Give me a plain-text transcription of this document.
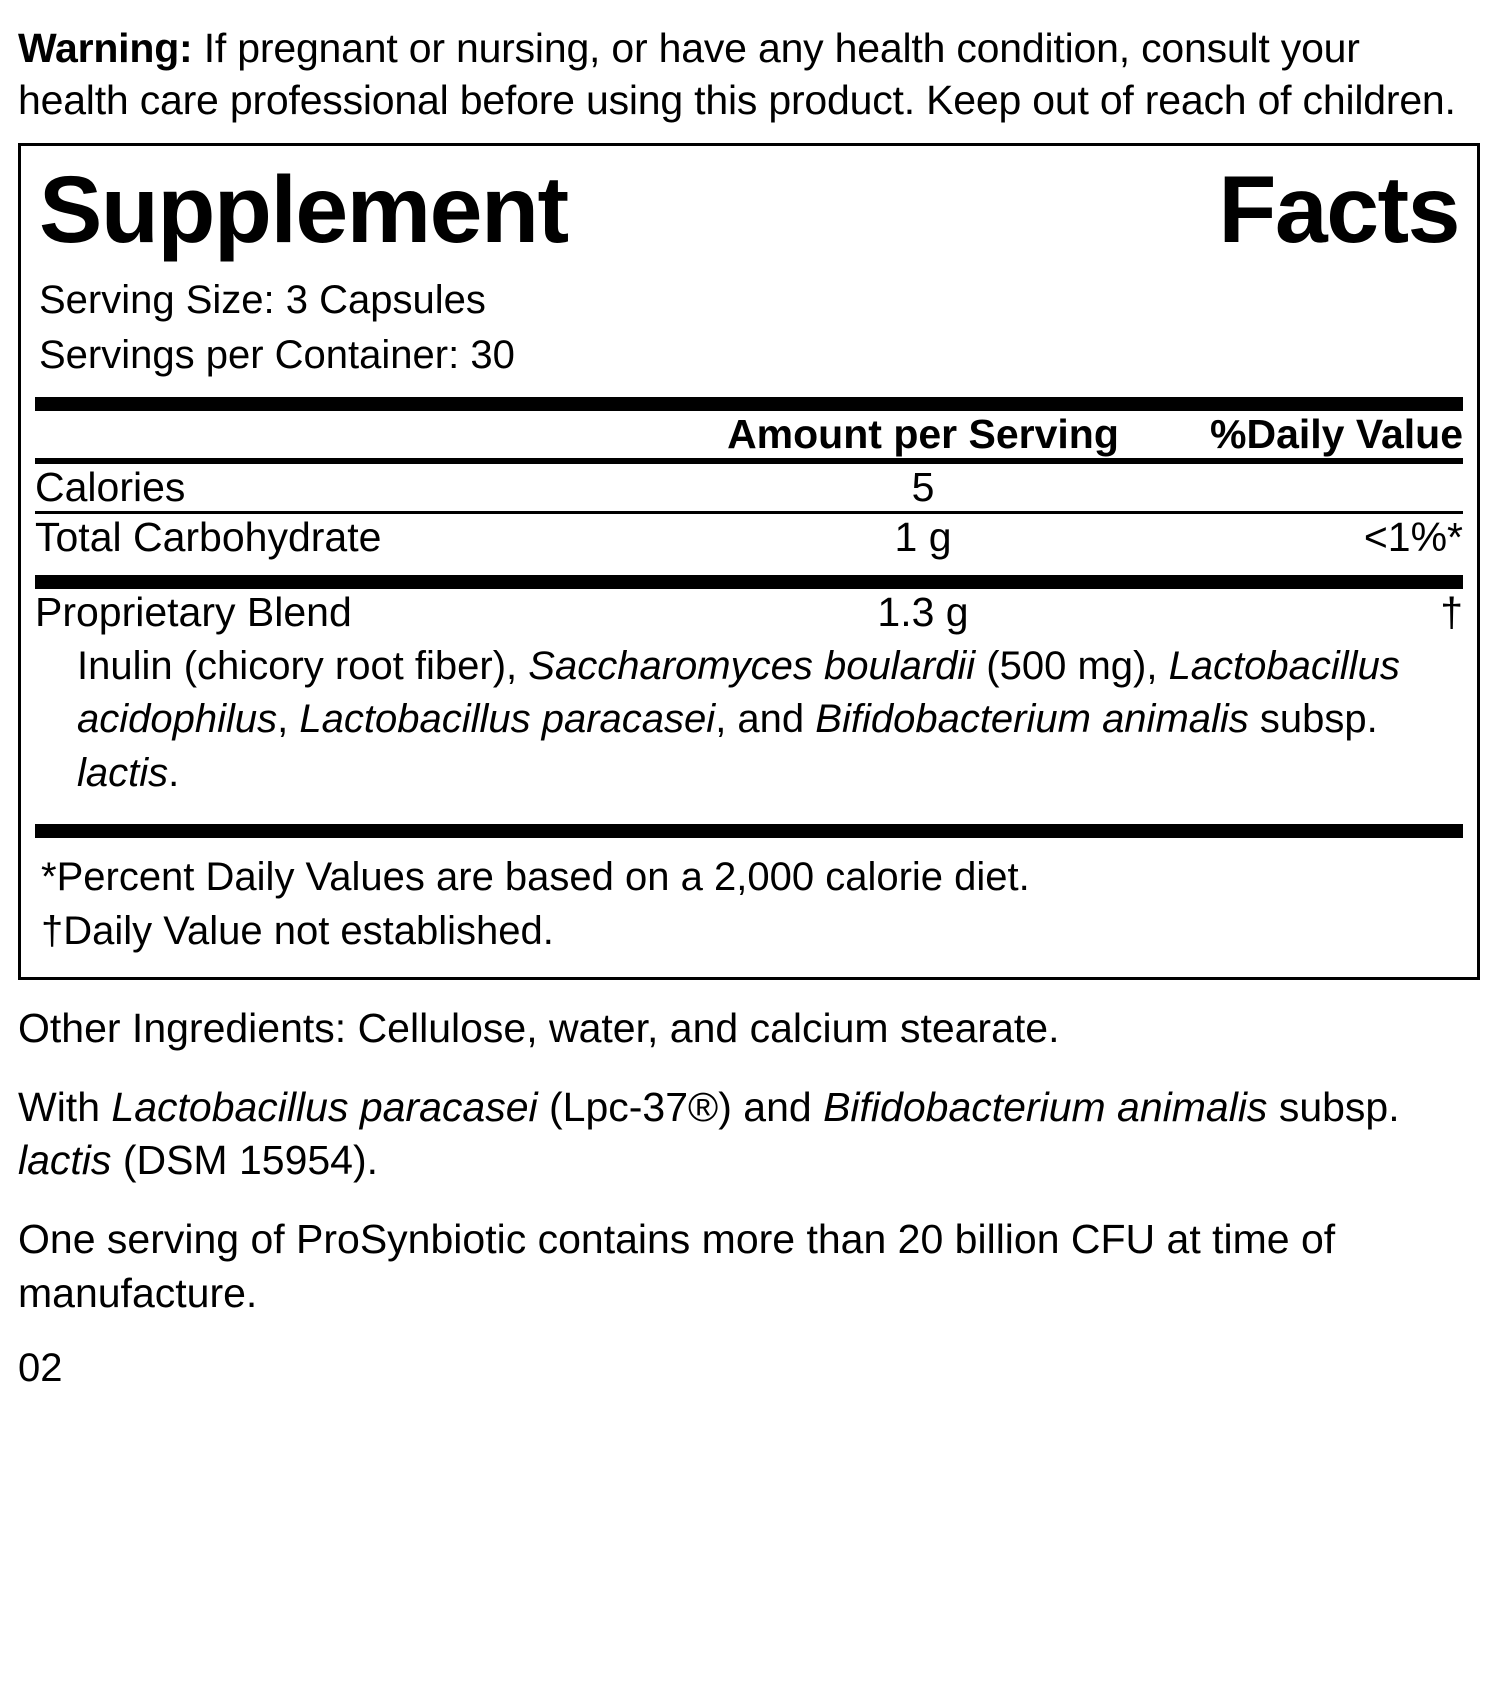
Warning: If pregnant or nursing, or have any health condition, consult your health care professional before using this product. Keep out of reach of children.
Supplement	Facts
Serving Size: 3 Capsules
Servings per Container: 30
	Amount per Serving	%Daily Value
Calories	5	
Total Carbohydrate	1 g	<1%*
Proprietary Blend	1.3 g	†
Inulin (chicory root fiber), Saccharomyces boulardii (500 mg), Lactobacillus acidophilus, Lactobacillus paracasei, and Bifidobacterium animalis subsp. lactis.
*Percent Daily Values are based on a 2,000 calorie diet.
†Daily Value not established.

Other Ingredients: Cellulose, water, and calcium stearate.

With Lactobacillus paracasei (Lpc-37®) and Bifidobacterium animalis subsp. lactis (DSM 15954).

One serving of ProSynbiotic contains more than 20 billion CFU at time of manufacture.

02
